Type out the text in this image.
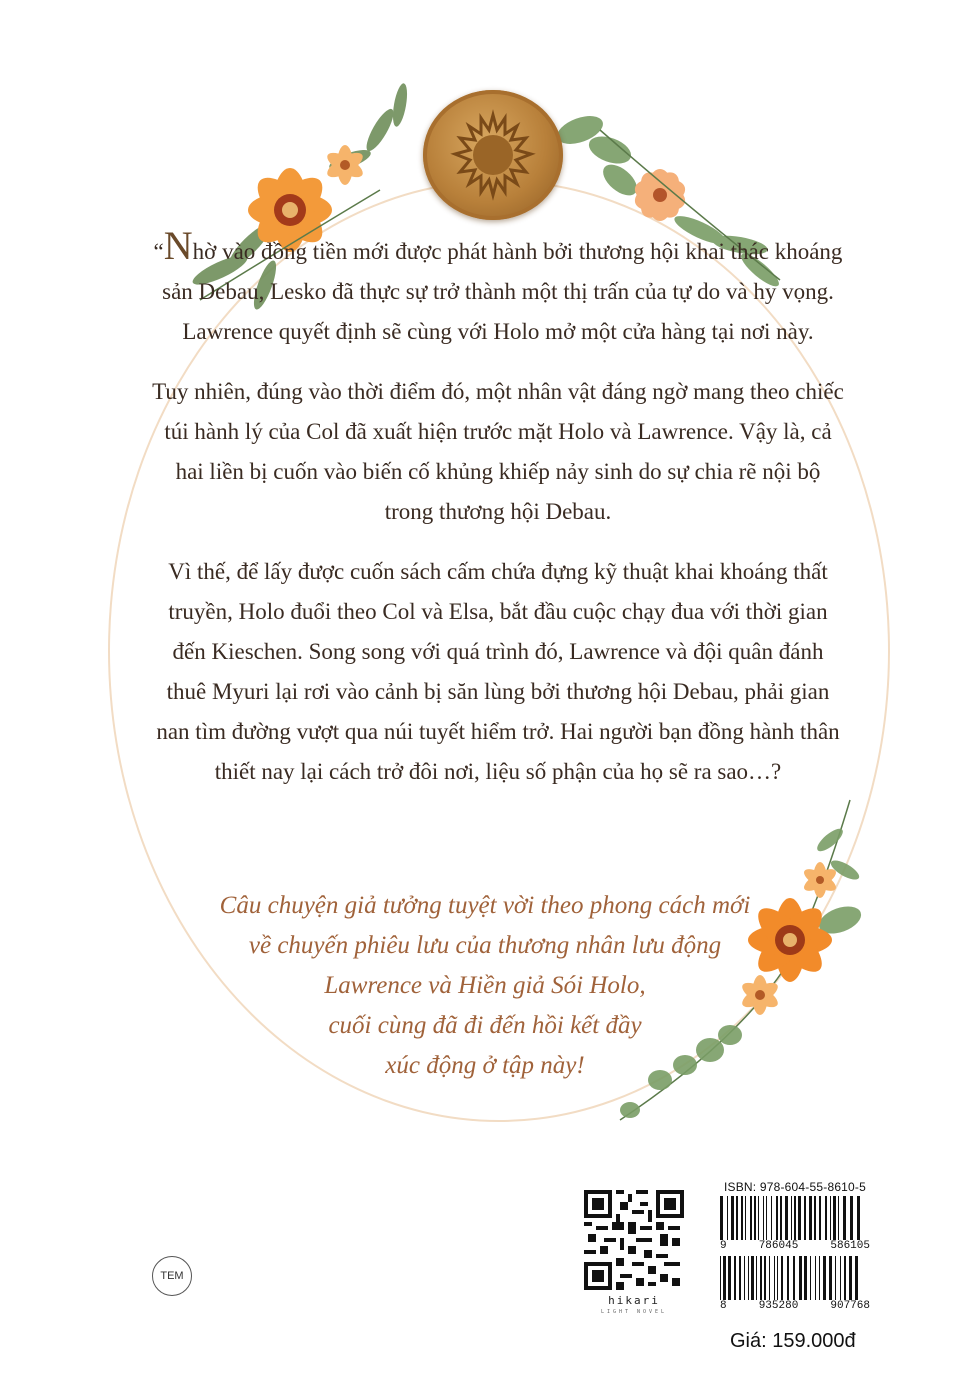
“Nhờ vào đồng tiền mới được phát hành bởi thương hội khai thác khoáng sản Debau, Lesko đã thực sự trở thành một thị trấn của tự do và hy vọng. Lawrence quyết định sẽ cùng với Holo mở một cửa hàng tại nơi này.

Tuy nhiên, đúng vào thời điểm đó, một nhân vật đáng ngờ mang theo chiếc túi hành lý của Col đã xuất hiện trước mặt Holo và Lawrence. Vậy là, cả hai liền bị cuốn vào biến cố khủng khiếp nảy sinh do sự chia rẽ nội bộ trong thương hội Debau.

Vì thế, để lấy được cuốn sách cấm chứa đựng kỹ thuật khai khoáng thất truyền, Holo đuổi theo Col và Elsa, bắt đầu cuộc chạy đua với thời gian đến Kieschen. Song song với quá trình đó, Lawrence và đội quân đánh thuê Myuri lại rơi vào cảnh bị săn lùng bởi thương hội Debau, phải gian nan tìm đường vượt qua núi tuyết hiểm trở. Hai người bạn đồng hành thân thiết nay lại cách trở đôi nơi, liệu số phận của họ sẽ ra sao…?

Câu chuyện giả tưởng tuyệt vời theo phong cách mới
về chuyến phiêu lưu của thương nhân lưu động
Lawrence và Hiền giả Sói Holo,
cuối cùng đã đi đến hồi kết đầy
xúc động ở tập này!
TEM
hikari
LIGHT NOVEL
ISBN: 978-604-55-8610-5
9	786045	586105
8	935280	907768
Giá: 159.000đ
